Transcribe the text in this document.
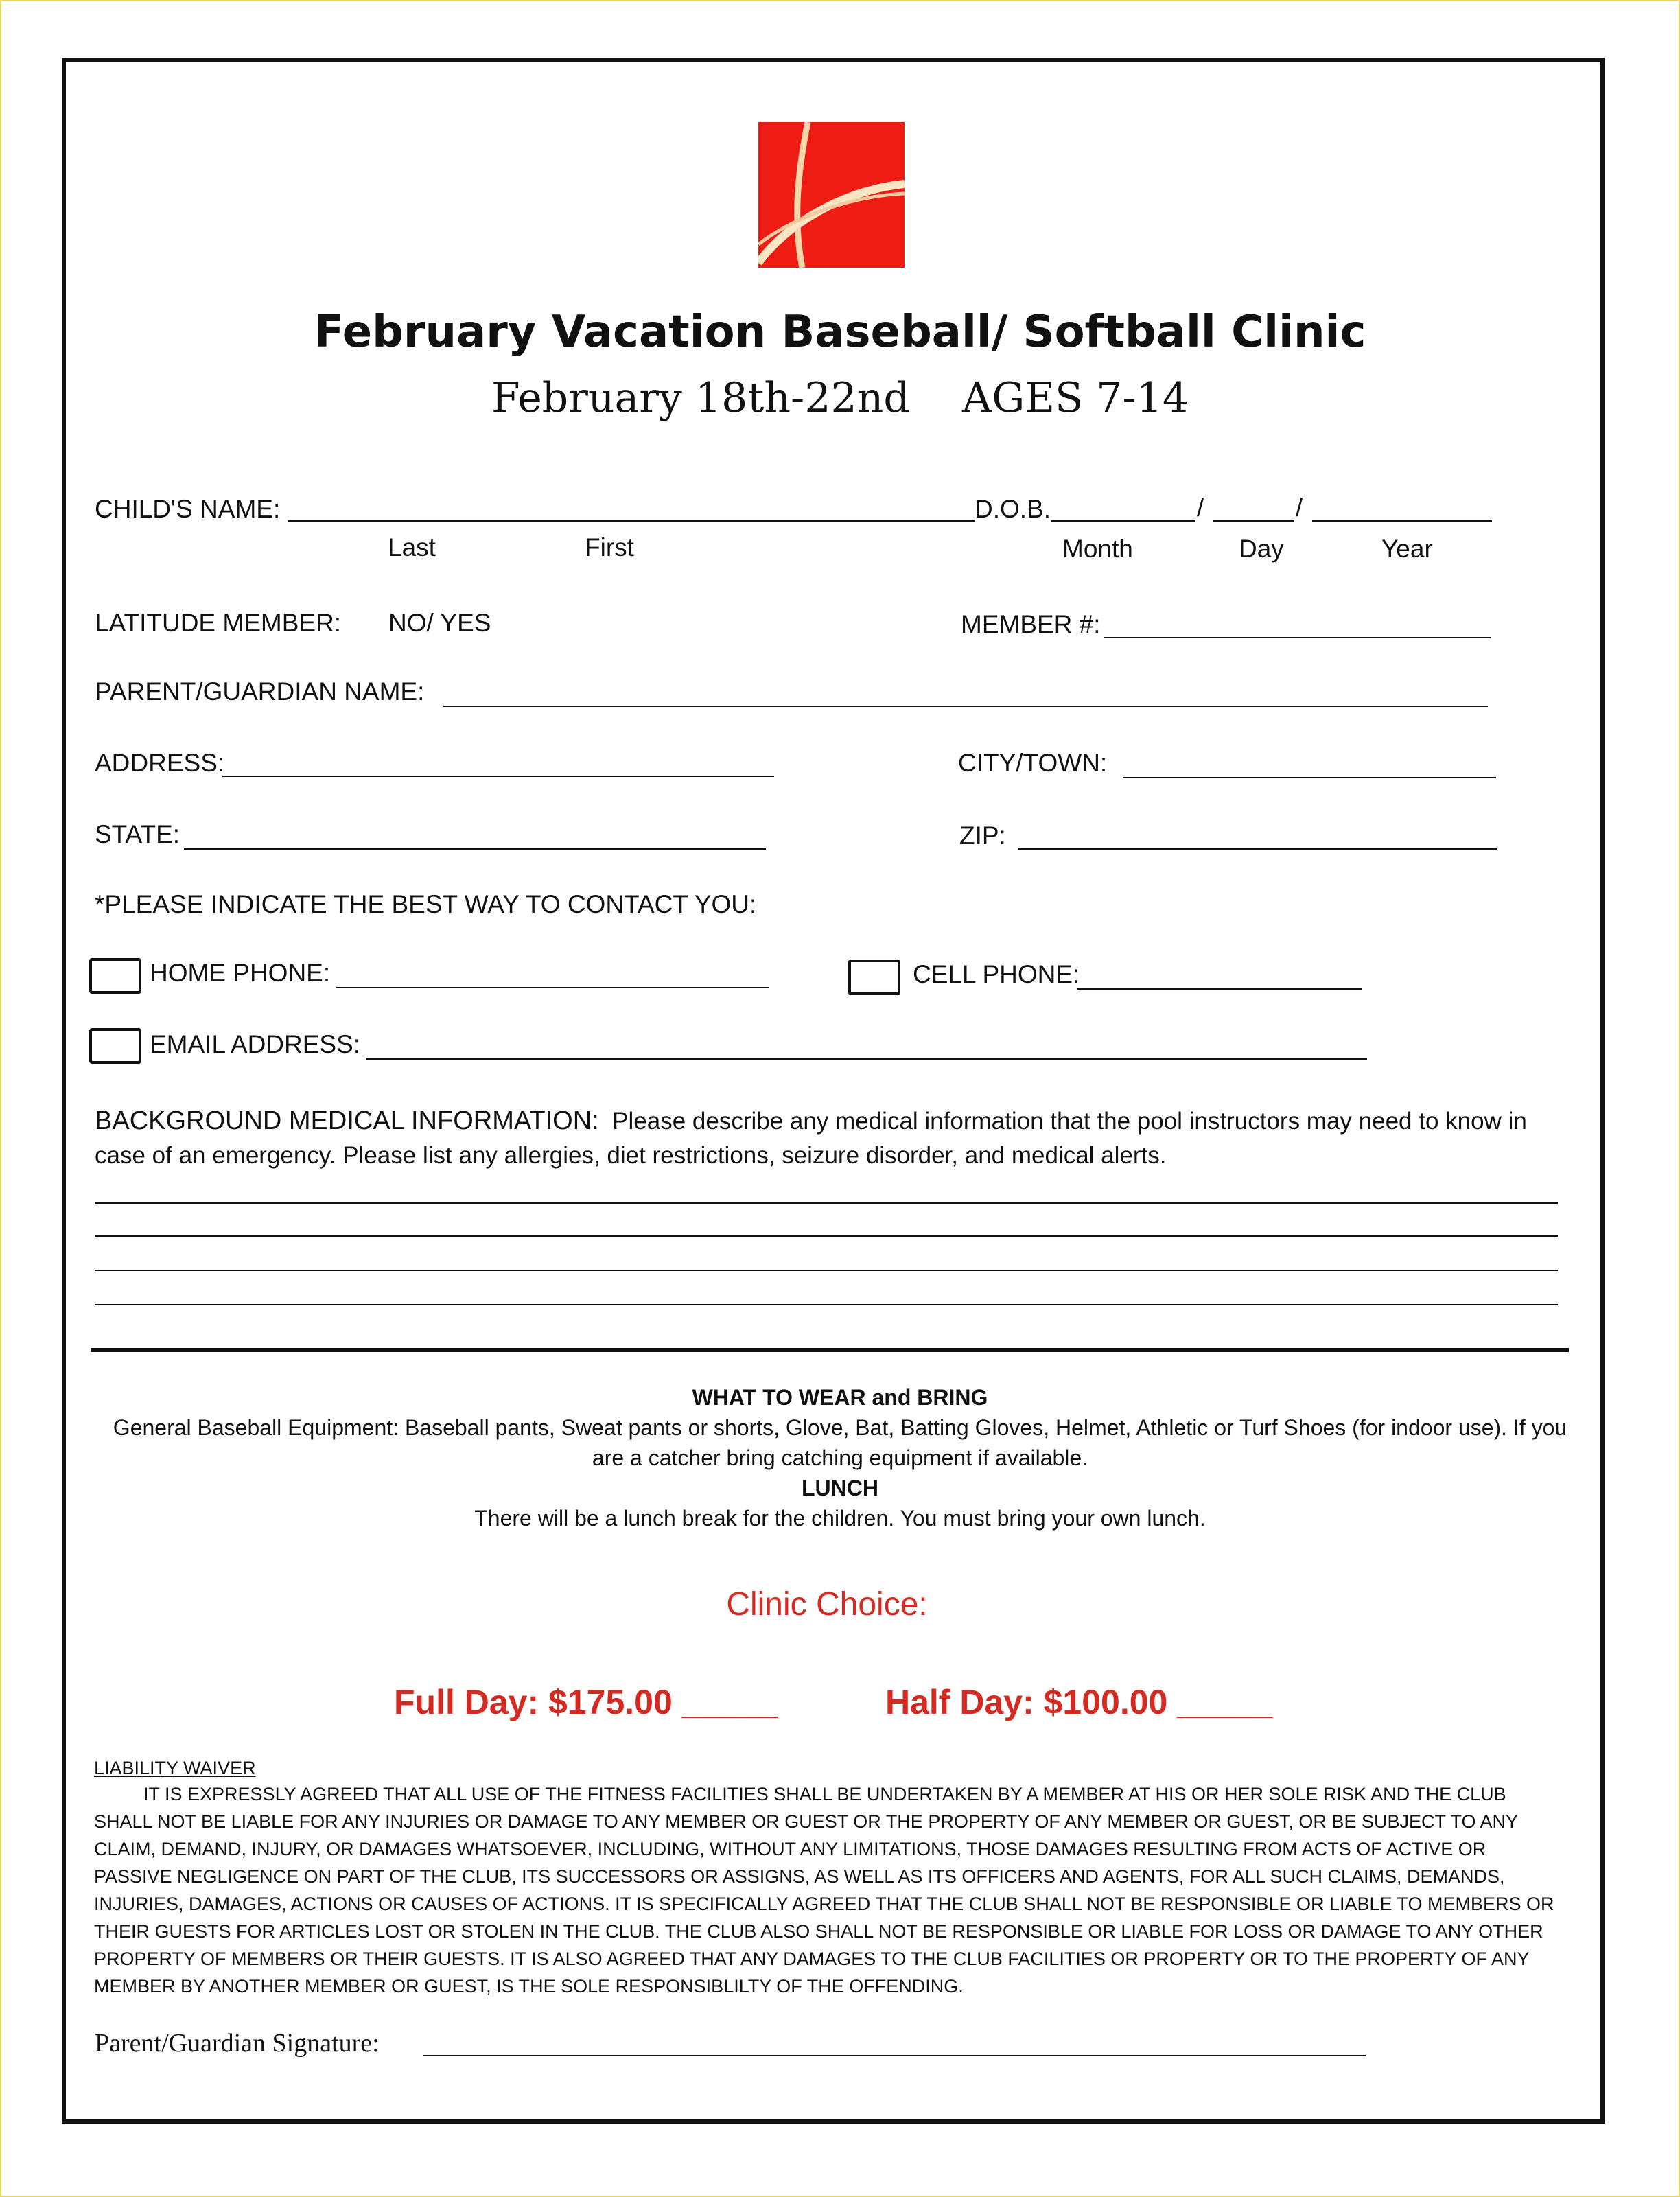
February Vacation Baseball/ Softball Clinic
February 18th-22nd AGES 7-14
CHILD'S NAME:	D.O.B.	/	/
Last	First	Month	Day	Year
LATITUDE MEMBER: NO/ YES	MEMBER #:
PARENT/GUARDIAN NAME:
ADDRESS:	CITY/TOWN:
STATE:	ZIP:
*PLEASE INDICATE THE BEST WAY TO CONTACT YOU:
HOME PHONE:	CELL PHONE:
EMAIL ADDRESS:
BACKGROUND MEDICAL INFORMATION: Please describe any medical information that the pool instructors may need to know in case of an emergency. Please list any allergies, diet restrictions, seizure disorder, and medical alerts.
WHAT TO WEAR and BRING
General Baseball Equipment: Baseball pants, Sweat pants or shorts, Glove, Bat, Batting Gloves, Helmet, Athletic or Turf Shoes (for indoor use). If you are a catcher bring catching equipment if available.
LUNCH
There will be a lunch break for the children. You must bring your own lunch.
Clinic Choice:
Full Day: $175.00 _____	Half Day: $100.00 _____
LIABILITY WAIVER
IT IS EXPRESSLY AGREED THAT ALL USE OF THE FITNESS FACILITIES SHALL BE UNDERTAKEN BY A MEMBER AT HIS OR HER SOLE RISK AND THE CLUB SHALL NOT BE LIABLE FOR ANY INJURIES OR DAMAGE TO ANY MEMBER OR GUEST OR THE PROPERTY OF ANY MEMBER OR GUEST, OR BE SUBJECT TO ANY CLAIM, DEMAND, INJURY, OR DAMAGES WHATSOEVER, INCLUDING, WITHOUT ANY LIMITATIONS, THOSE DAMAGES RESULTING FROM ACTS OF ACTIVE OR PASSIVE NEGLIGENCE ON PART OF THE CLUB, ITS SUCCESSORS OR ASSIGNS, AS WELL AS ITS OFFICERS AND AGENTS, FOR ALL SUCH CLAIMS, DEMANDS, INJURIES, DAMAGES, ACTIONS OR CAUSES OF ACTIONS. IT IS SPECIFICALLY AGREED THAT THE CLUB SHALL NOT BE RESPONSIBLE OR LIABLE TO MEMBERS OR THEIR GUESTS FOR ARTICLES LOST OR STOLEN IN THE CLUB. THE CLUB ALSO SHALL NOT BE RESPONSIBLE OR LIABLE FOR LOSS OR DAMAGE TO ANY OTHER PROPERTY OF MEMBERS OR THEIR GUESTS. IT IS ALSO AGREED THAT ANY DAMAGES TO THE CLUB FACILITIES OR PROPERTY OR TO THE PROPERTY OF ANY MEMBER BY ANOTHER MEMBER OR GUEST, IS THE SOLE RESPONSIBLILTY OF THE OFFENDING.
Parent/Guardian Signature:
